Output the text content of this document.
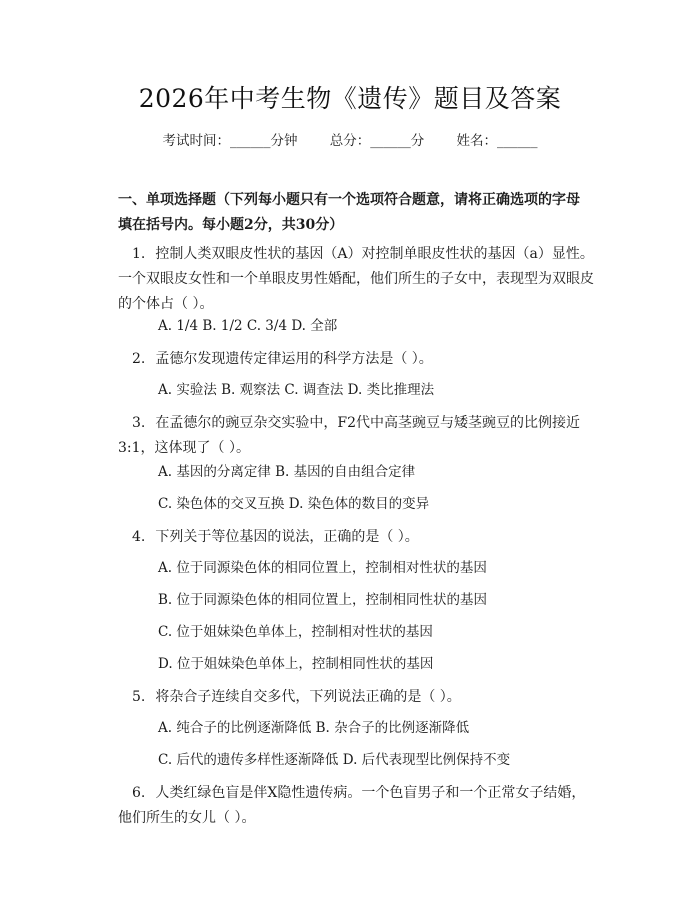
2026年中考生物《遗传》题目及答案
考试时间：______分钟 总分：______分 姓名：______
一、单项选择题（下列每小题只有一个选项符合题意，请将正确选项的字母填在括号内。每小题2分，共30分）
1. 控制人类双眼皮性状的基因（A）对控制单眼皮性状的基因（a）显性。一个双眼皮女性和一个单眼皮男性婚配，他们所生的子女中，表现型为双眼皮的个体占（ ）。
A. 1/4 B. 1/2 C. 3/4 D. 全部
2. 孟德尔发现遗传定律运用的科学方法是（ ）。
A. 实验法 B. 观察法 C. 调查法 D. 类比推理法
3. 在孟德尔的豌豆杂交实验中，F2代中高茎豌豆与矮茎豌豆的比例接近3:1，这体现了（ ）。
A. 基因的分离定律 B. 基因的自由组合定律
C. 染色体的交叉互换 D. 染色体的数目的变异
4. 下列关于等位基因的说法，正确的是（ ）。
A. 位于同源染色体的相同位置上，控制相对性状的基因
B. 位于同源染色体的相同位置上，控制相同性状的基因
C. 位于姐妹染色单体上，控制相对性状的基因
D. 位于姐妹染色单体上，控制相同性状的基因
5. 将杂合子连续自交多代，下列说法正确的是（ ）。
A. 纯合子的比例逐渐降低 B. 杂合子的比例逐渐降低
C. 后代的遗传多样性逐渐降低 D. 后代表现型比例保持不变
6. 人类红绿色盲是伴X隐性遗传病。一个色盲男子和一个正常女子结婚，他们所生的女儿（ ）。
